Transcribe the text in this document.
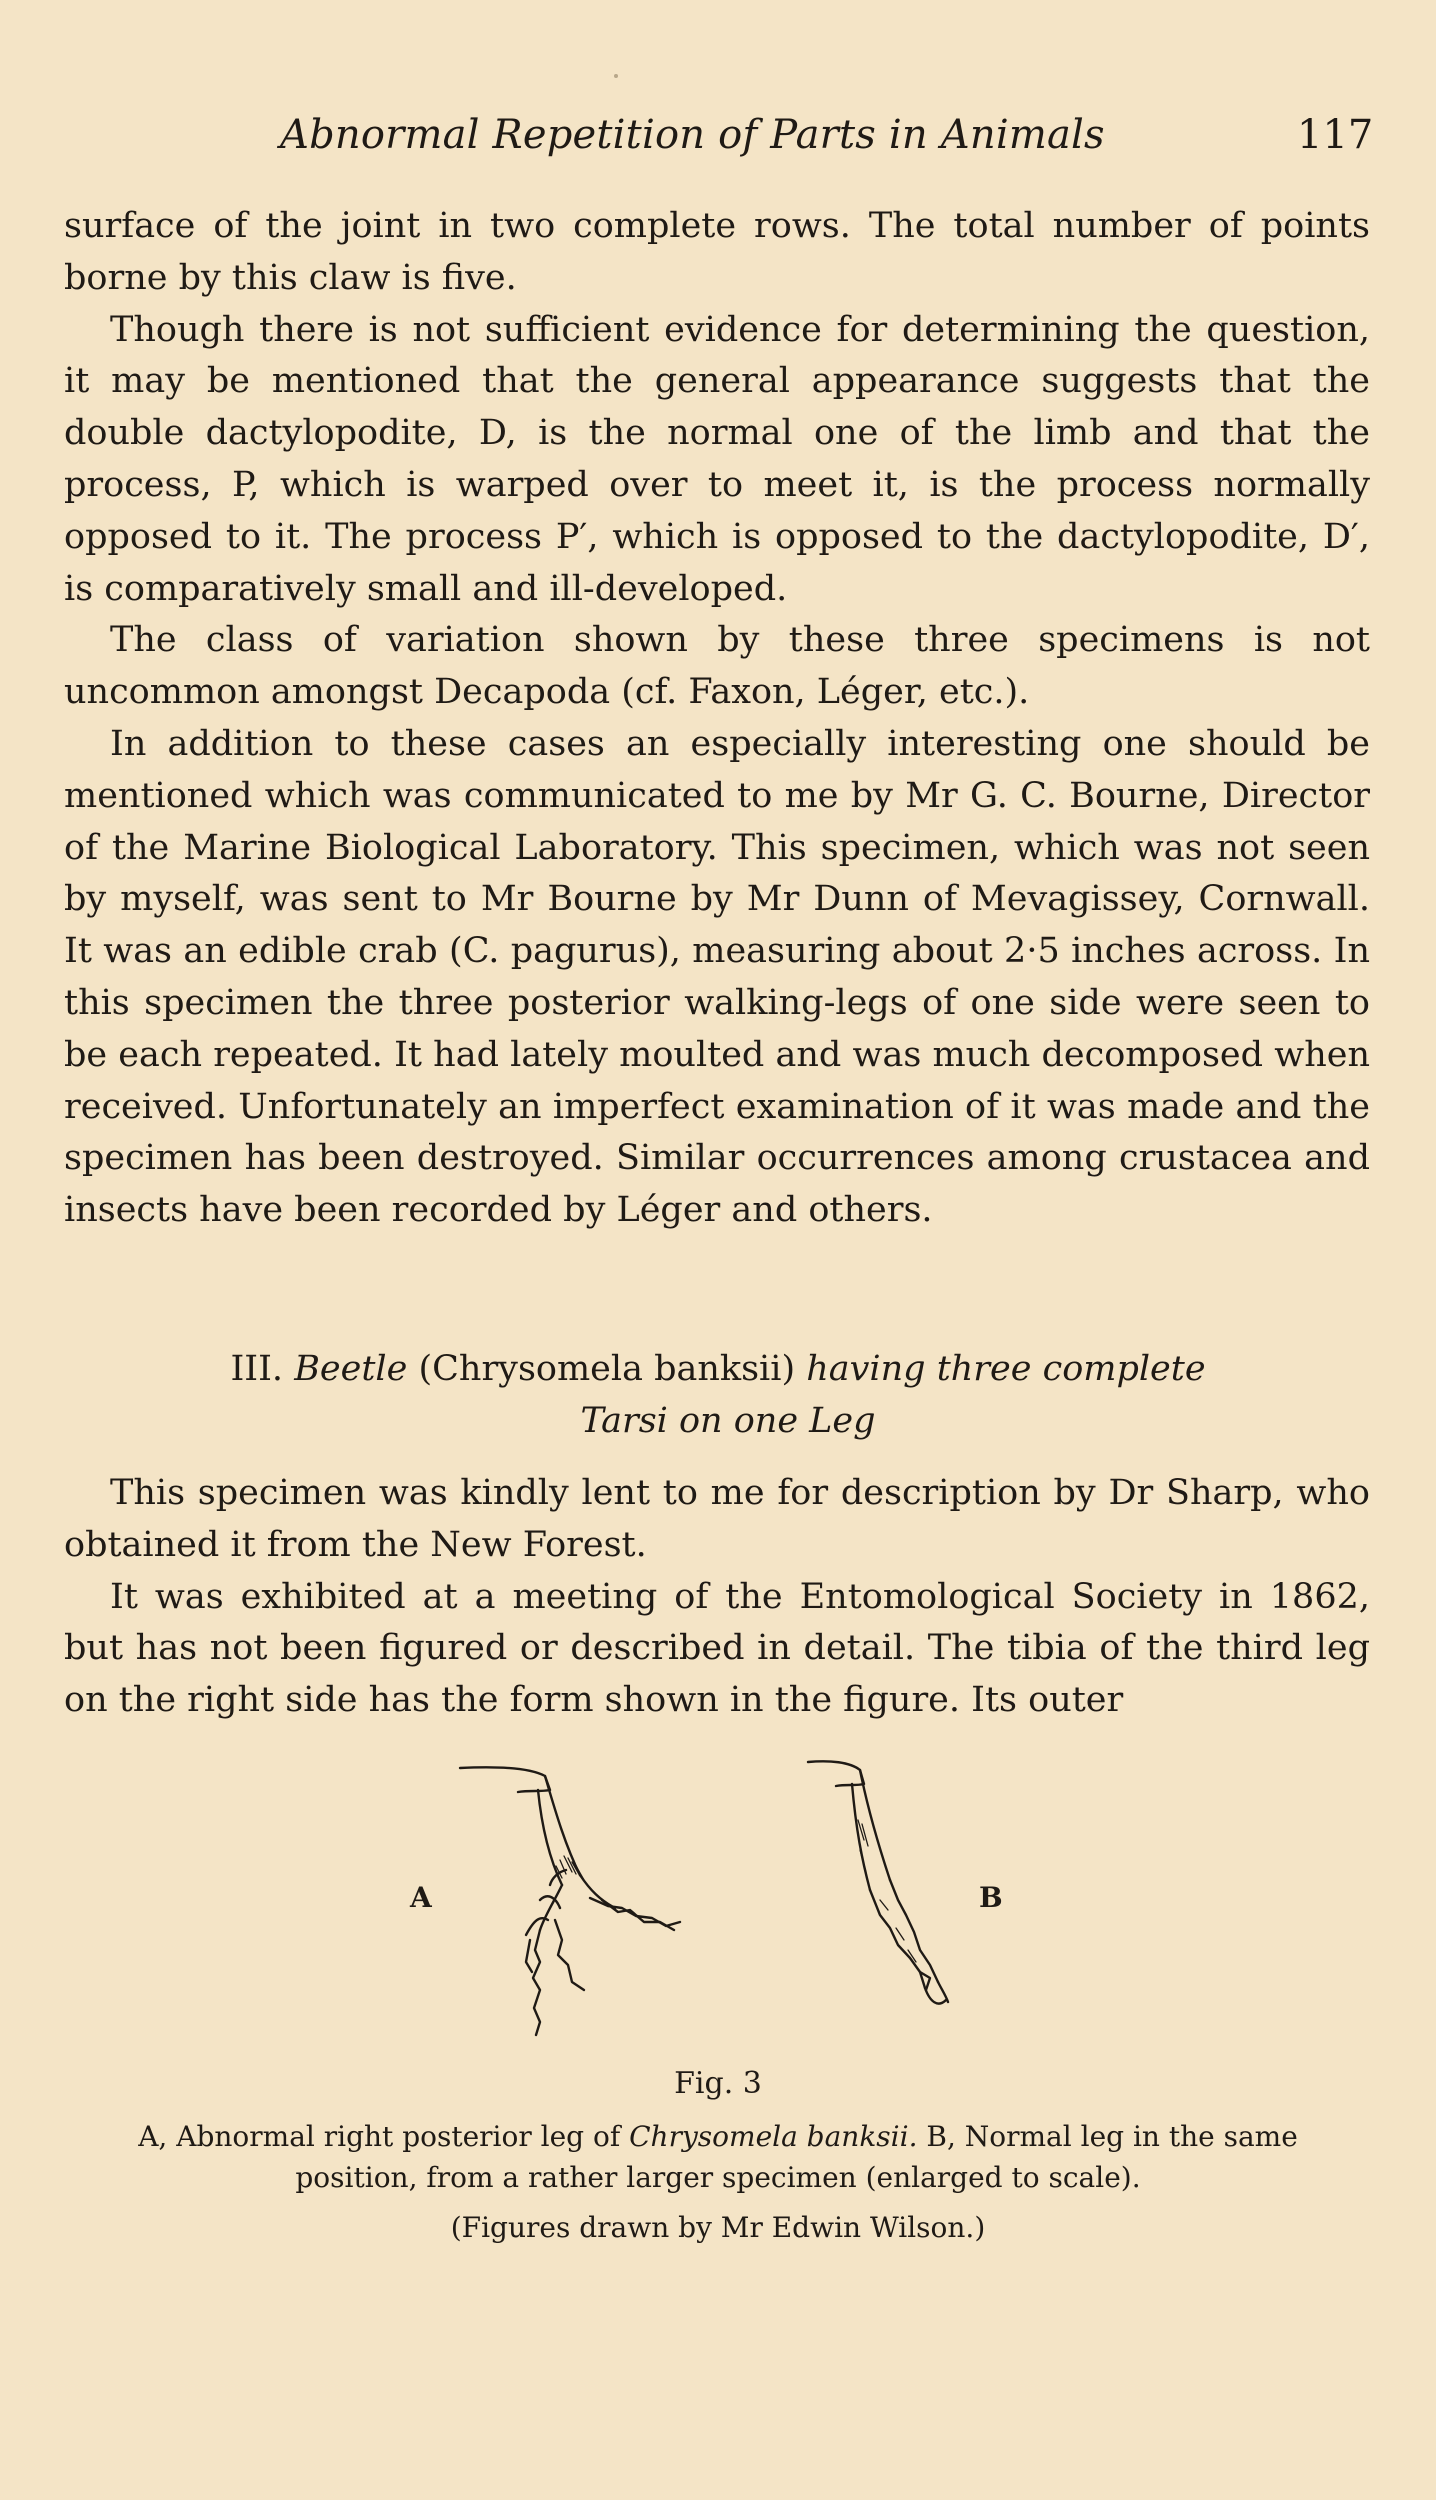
Abnormal Repetition of Parts in Animals	117

surface of the joint in two complete rows. The total number of points borne by this claw is five.

Though there is not sufficient evidence for determining the question, it may be mentioned that the general appearance suggests that the double dactylopodite, D, is the normal one of the limb and that the process, P, which is warped over to meet it, is the process normally opposed to it. The process P′, which is opposed to the dactylopodite, D′, is comparatively small and ill-developed.

The class of variation shown by these three specimens is not uncommon amongst Decapoda (cf. Faxon, Léger, etc.).

In addition to these cases an especially interesting one should be mentioned which was communicated to me by Mr G. C. Bourne, Director of the Marine Biological Laboratory. This specimen, which was not seen by myself, was sent to Mr Bourne by Mr Dunn of Mevagissey, Cornwall. It was an edible crab (C. pagurus), measuring about 2·5 inches across. In this specimen the three posterior walking-legs of one side were seen to be each repeated. It had lately moulted and was much decomposed when received. Unfortunately an imperfect examination of it was made and the specimen has been destroyed. Similar occurrences among crustacea and insects have been recorded by Léger and others.

III. Beetle (Chrysomela banksii) having three complete
Tarsi on one Leg

This specimen was kindly lent to me for description by Dr Sharp, who obtained it from the New Forest.

It was exhibited at a meeting of the Entomological Society in 1862, but has not been figured or described in detail. The tibia of the third leg on the right side has the form shown in the figure. Its outer

A	B
Fig. 3
A, Abnormal right posterior leg of Chrysomela banksii. B, Normal leg in the same
position, from a rather larger specimen (enlarged to scale).
(Figures drawn by Mr Edwin Wilson.)
